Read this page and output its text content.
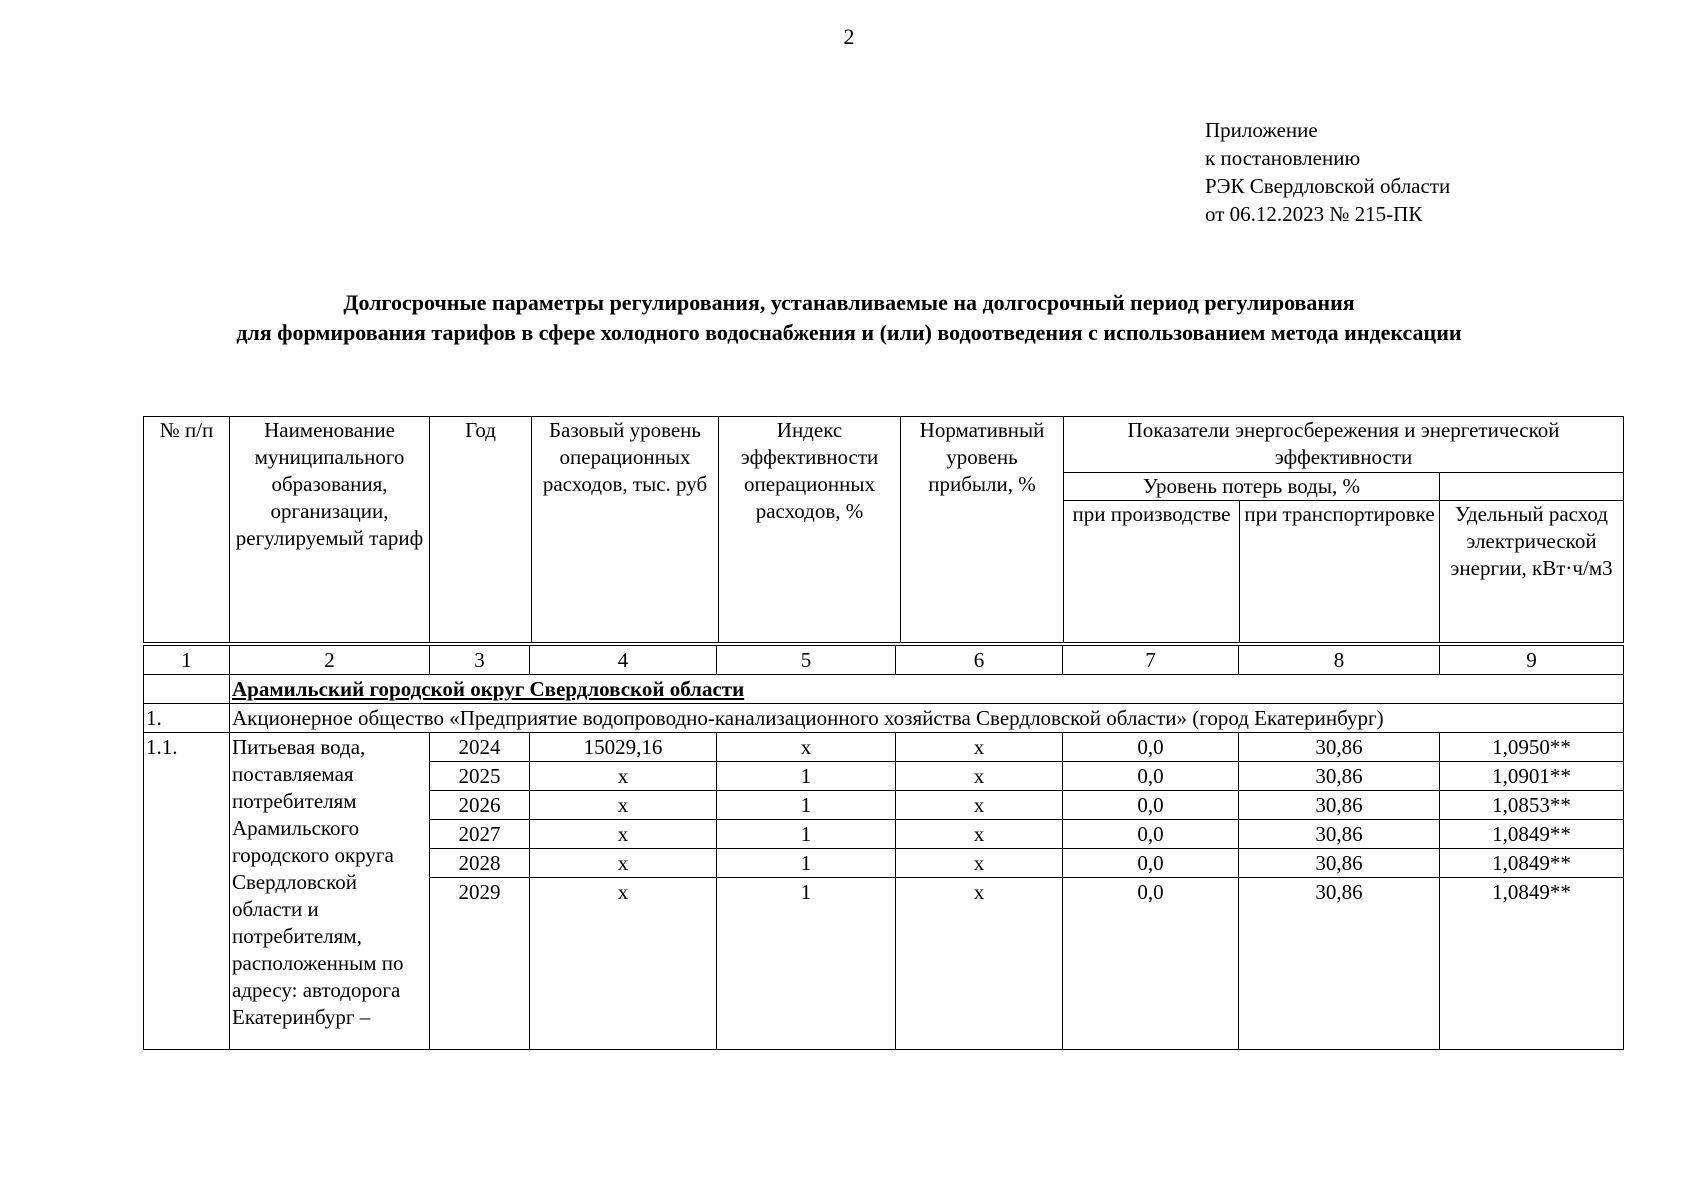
2
Приложение
к постановлению
РЭК Свердловской области
от 06.12.2023 № 215-ПК
Долгосрочные параметры регулирования, устанавливаемые на долгосрочный период регулирования
для формирования тарифов в сфере холодного водоснабжения и (или) водоотведения с использованием метода индексации
№ п/п	Наименование муниципального образования, организации, регулируемый тариф	Год	Базовый уровень операционных расходов, тыс. руб	Индекс эффективности операционных расходов, %	Нормативный уровень прибыли, %	Показатели энергосбережения и энергетической эффективности		
						Уровень потерь воды, %		
						при производстве	при транспортировке	Удельный расход электрической энергии, кВт·ч/м3
1	2	3	4	5	6	7	8	9
	Арамильский городской округ Свердловской области							
1.	Акционерное общество «Предприятие водопроводно-канализационного хозяйства Свердловской области» (город Екатеринбург)							
1.1.	Питьевая вода, поставляемая потребителям Арамильского городского округа Свердловской области и потребителям, расположенным по адресу: автодорога Екатеринбург –	2024	15029,16	x	x	0,0	30,86	1,0950**
		2025	x	1	x	0,0	30,86	1,0901**
		2026	x	1	x	0,0	30,86	1,0853**
		2027	x	1	x	0,0	30,86	1,0849**
		2028	x	1	x	0,0	30,86	1,0849**
		2029	x	1	x	0,0	30,86	1,0849**
